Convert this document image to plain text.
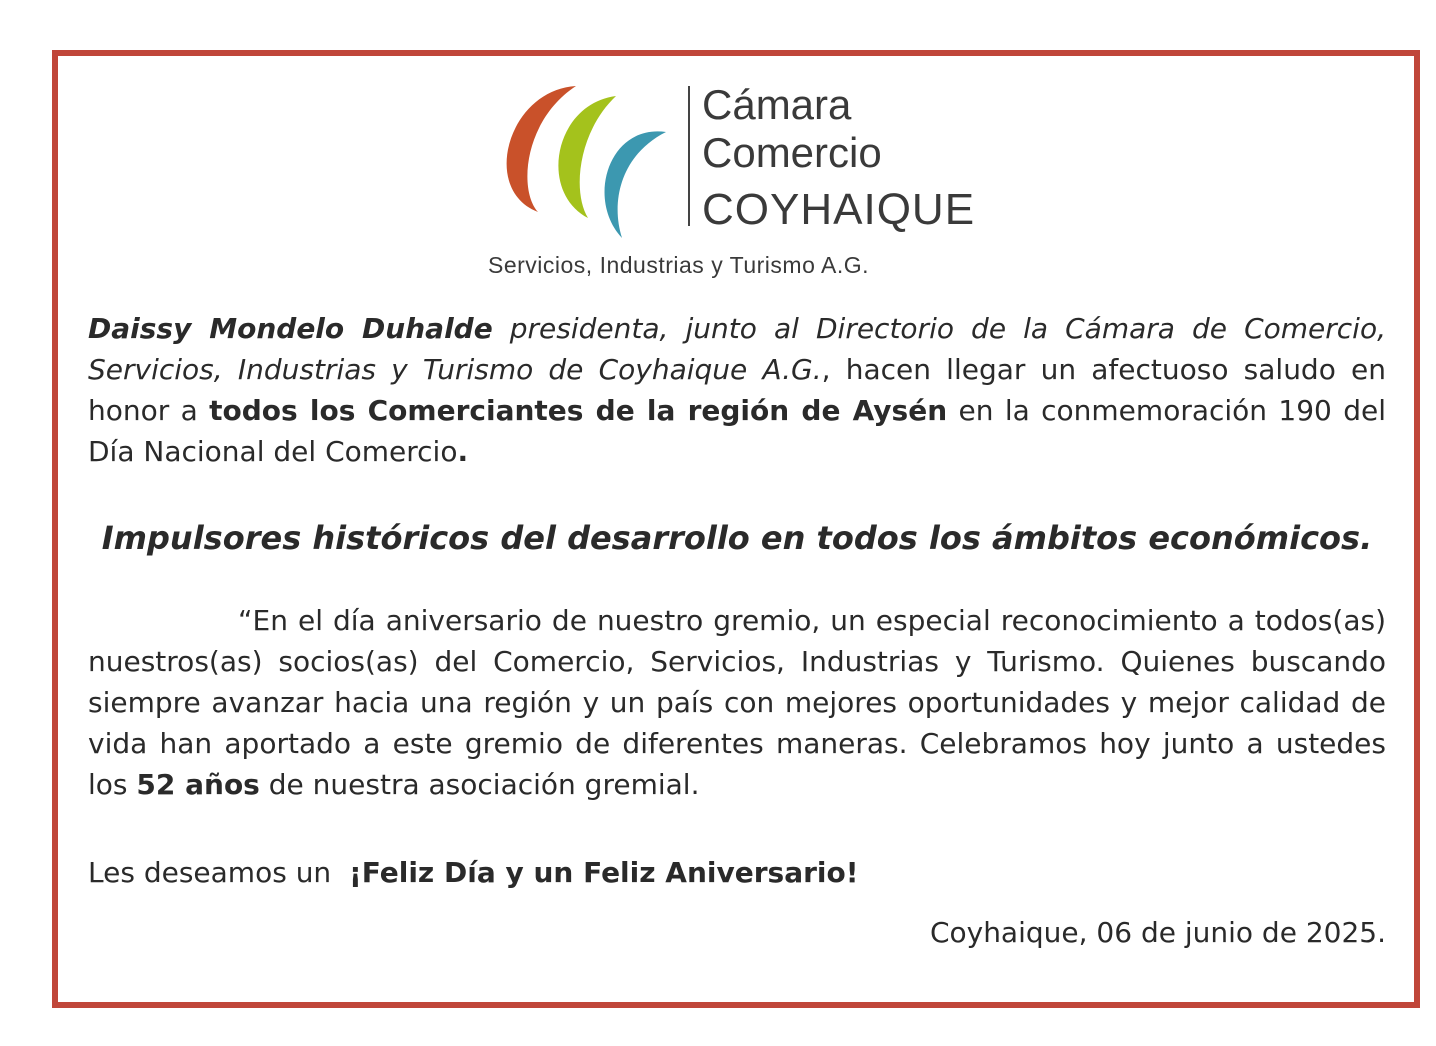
Cámara
Comercio
COYHAIQUE
Servicios, Industrias y Turismo A.G.
Daissy Mondelo Duhalde presidenta, junto al Directorio de la Cámara de Comercio, Servicios, Industrias y Turismo de Coyhaique A.G., hacen llegar un afectuoso saludo en honor a todos los Comerciantes de la región de Aysén en la conmemoración 190 del Día Nacional del Comercio.
Impulsores históricos del desarrollo en todos los ámbitos económicos.
“En el día aniversario de nuestro gremio, un especial reconocimiento a todos(as) nuestros(as) socios(as) del Comercio, Servicios, Industrias y Turismo. Quienes buscando siempre avanzar hacia una región y un país con mejores oportunidades y mejor calidad de vida han aportado a este gremio de diferentes maneras. Celebramos hoy junto a ustedes los 52 años de nuestra asociación gremial.
Les deseamos un  ¡Feliz Día y un Feliz Aniversario!
Coyhaique, 06 de junio de 2025.
